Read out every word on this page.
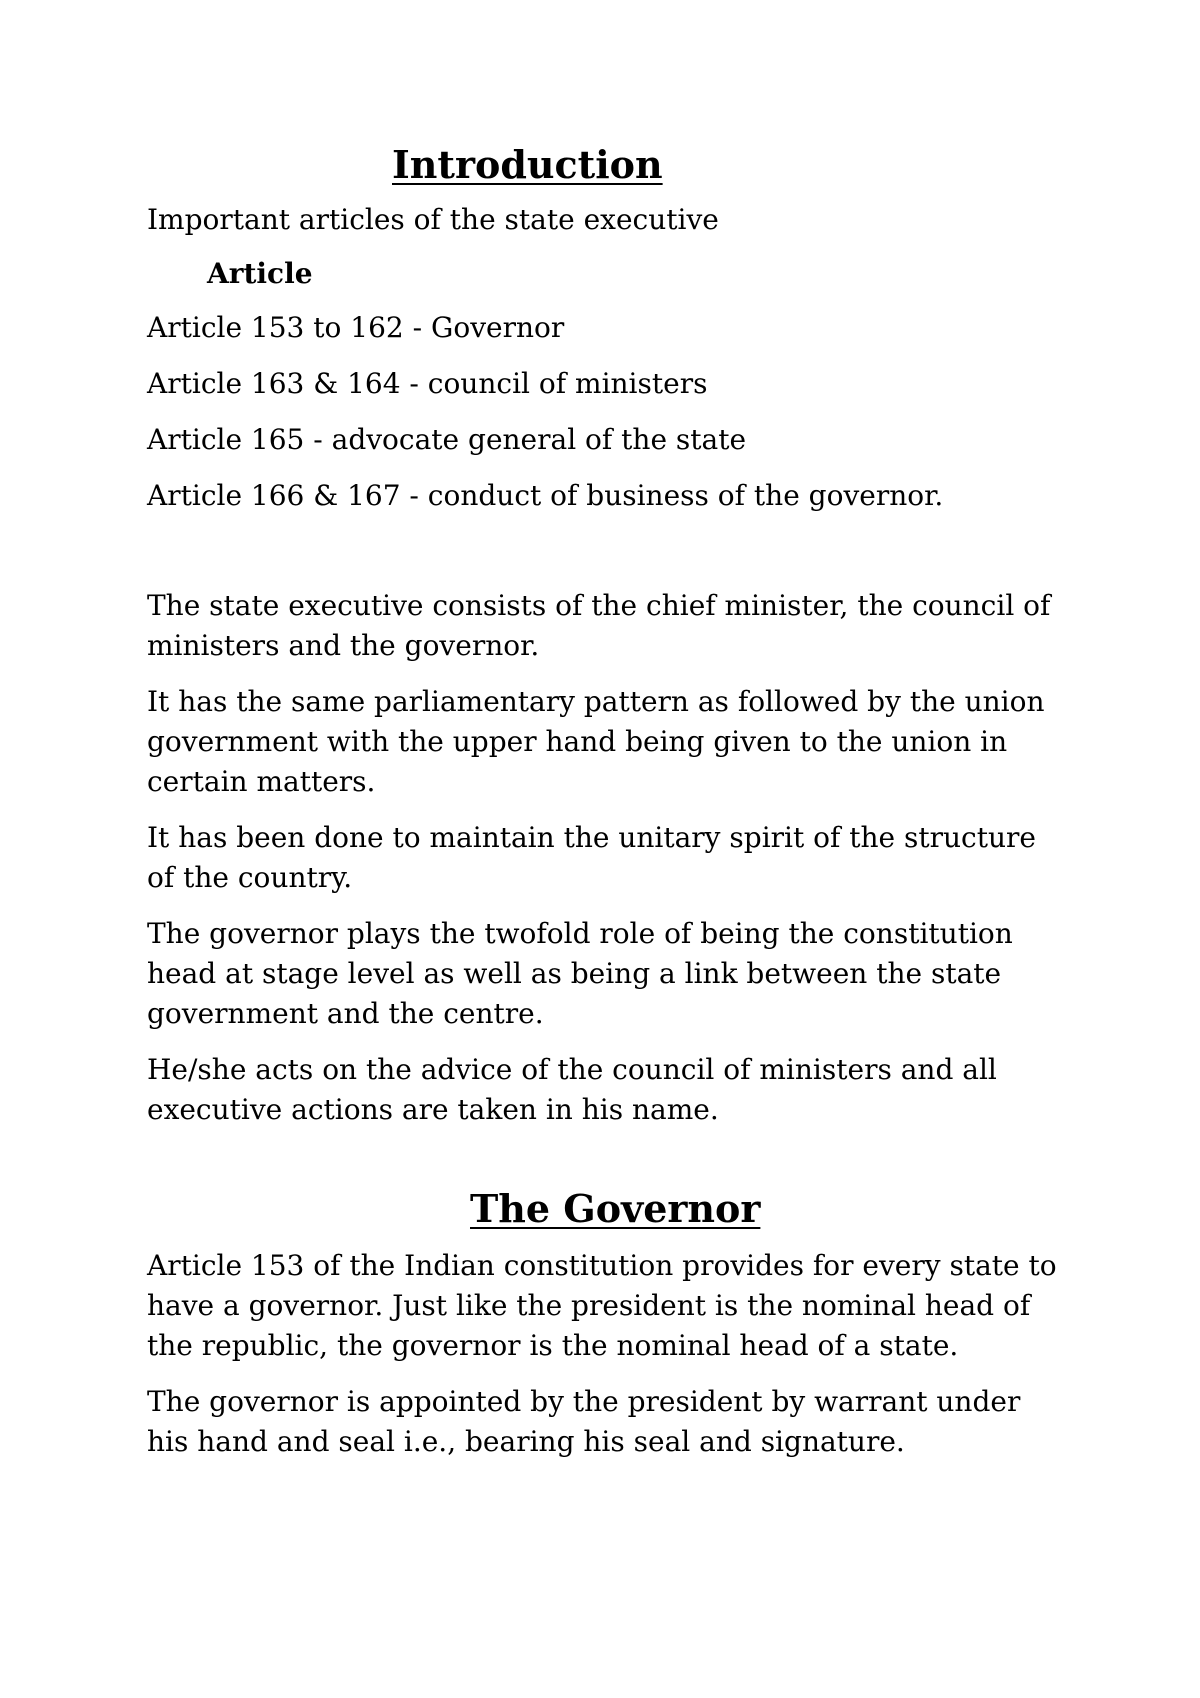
Introduction

Important articles of the state executive

Article

Article 153 to 162 - Governor

Article 163 & 164 - council of ministers

Article 165 - advocate general of the state

Article 166 & 167 - conduct of business of the governor.

The state executive consists of the chief minister, the council of ministers and the governor.

It has the same parliamentary pattern as followed by the union government with the upper hand being given to the union in certain matters.

It has been done to maintain the unitary spirit of the structure of the country.

The governor plays the twofold role of being the constitution head at stage level as well as being a link between the state government and the centre.

He/she acts on the advice of the council of ministers and all executive actions are taken in his name.

The Governor

Article 153 of the Indian constitution provides for every state to have a governor. Just like the president is the nominal head of the republic, the governor is the nominal head of a state.

The governor is appointed by the president by warrant under his hand and seal i.e., bearing his seal and signature.
